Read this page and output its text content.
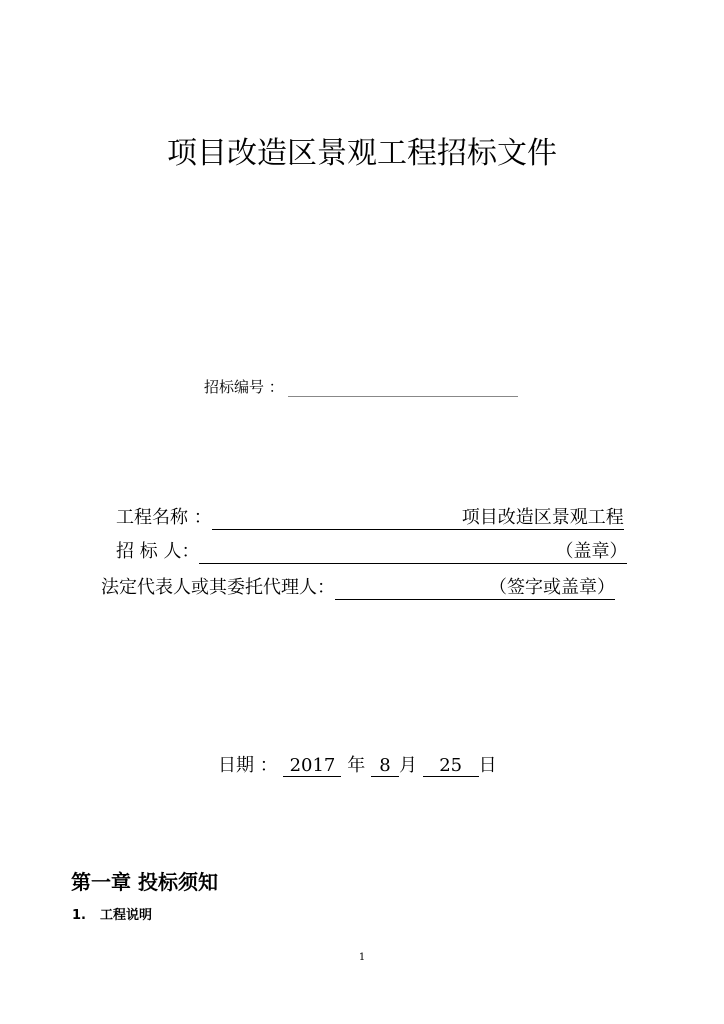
项目改造区景观工程招标文件
招标编号 ：
工程名称 ：	项目改造区景观工程
招 标 人：	（盖章）
法定代表人或其委托代理人：	（签字或盖章）
日期 ： 2017 年 8 月 25 日
第一章 投标须知
1. 工程说明
1
